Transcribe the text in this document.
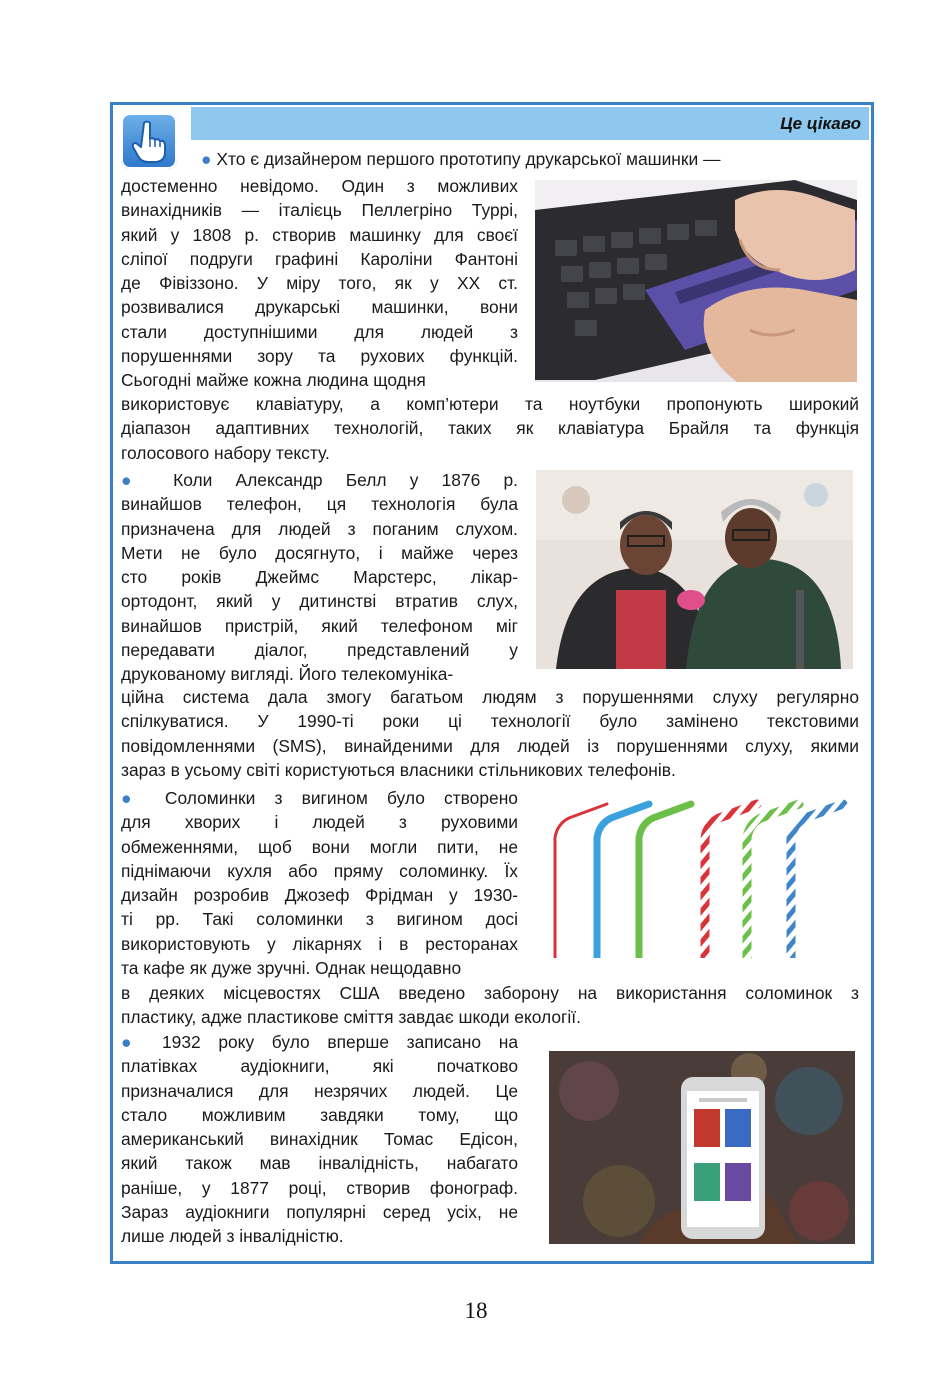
Це цікаво
● Хто є дизайнером першого прототипу друкарської машинки —
достеменно невідомо. Один з можливих
винахідників — італієць Пеллегріно Туррі,
який у 1808 р. створив машинку для своєї
сліпої подруги графині Кароліни Фантоні
де Фівіззоно. У міру того, як у ХХ ст.
розвивалися друкарські машинки, вони
стали доступнішими для людей з
порушеннями зору та рухових функцій.
Сьогодні майже кожна людина щодня
використовує клавіатуру, а комп’ютери та ноутбуки пропонують широкий
діапазон адаптивних технологій, таких як клавіатура Брайля та функція
голосового набору тексту.
● Коли Александр Белл у 1876 р.
винайшов телефон, ця технологія була
призначена для людей з поганим слухом.
Мети не було досягнуто, і майже через
сто років Джеймс Марстерс, лікар-
ортодонт, який у дитинстві втратив слух,
винайшов пристрій, який телефоном міг
передавати діалог, представлений у
друкованому вигляді. Його телекомуніка-
ційна система дала змогу багатьом людям з порушеннями слуху регулярно
спілкуватися. У 1990-ті роки ці технології було замінено текстовими
повідомленнями (SMS), винайденими для людей із порушеннями слуху, якими
зараз в усьому світі користуються власники стільникових телефонів.
● Соломинки з вигином було створено
для хворих і людей з руховими
обмеженнями, щоб вони могли пити, не
піднімаючи кухля або пряму соломинку. Їх
дизайн розробив Джозеф Фрідман у 1930-
ті рр. Такі соломинки з вигином досі
використовують у лікарнях і в ресторанах
та кафе як дуже зручні. Однак нещодавно
в деяких місцевостях США введено заборону на використання соломинок з
пластику, адже пластикове сміття завдає шкоди екології.
● 1932 року було вперше записано на
платівках аудіокниги, які початково
призначалися для незрячих людей. Це
стало можливим завдяки тому, що
американський винахідник Томас Едісон,
який також мав інвалідність, набагато
раніше, у 1877 році, створив фонограф.
Зараз аудіокниги популярні серед усіх, не
лише людей з інвалідністю.
18
